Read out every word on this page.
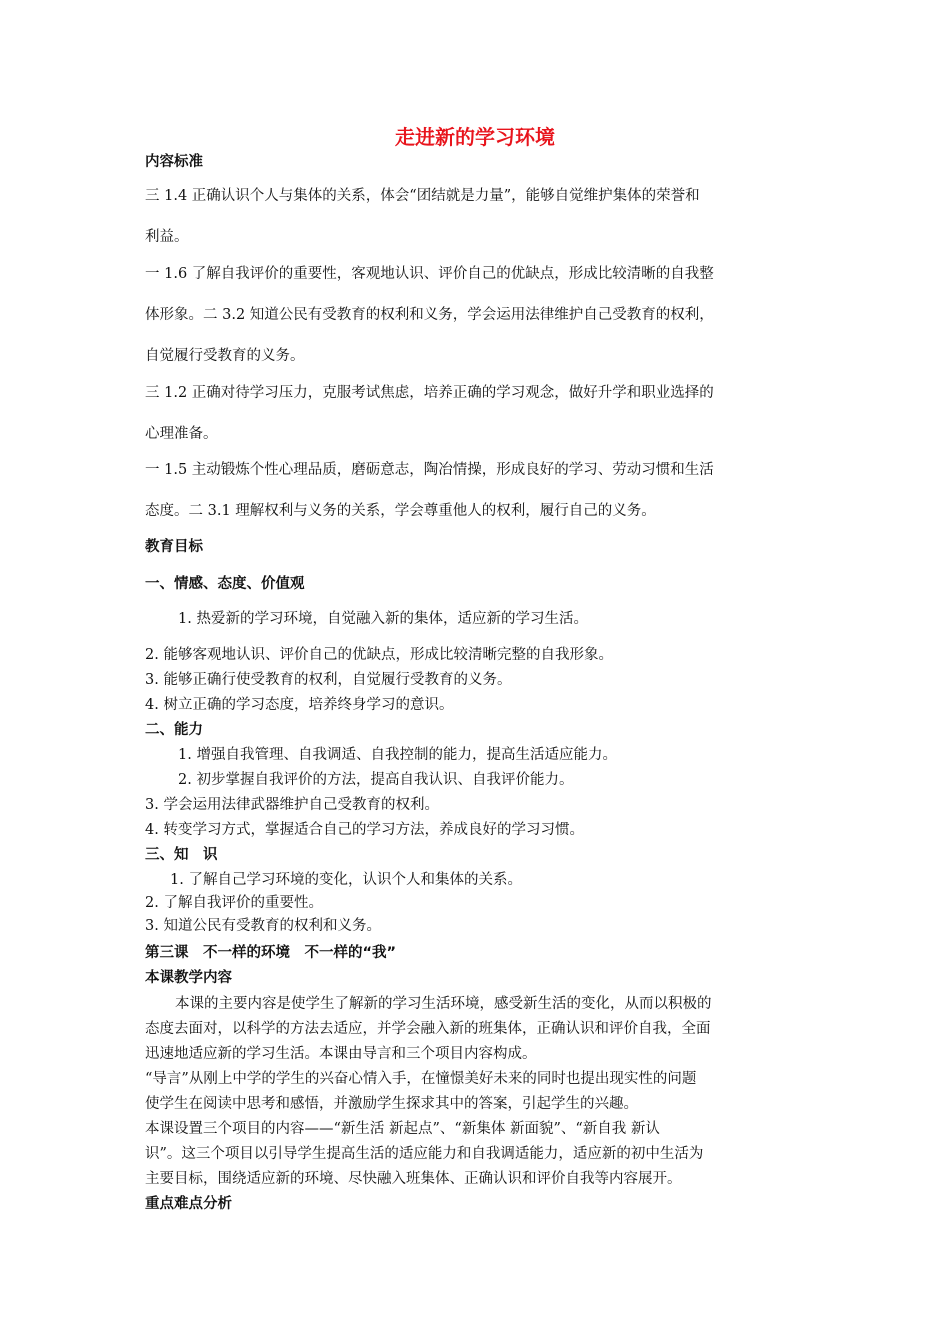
走进新的学习环境
内容标准
三 1.4 正确认识个人与集体的关系，体会“团结就是力量”，能够自觉维护集体的荣誉和
利益。
一 1.6 了解自我评价的重要性，客观地认识、评价自己的优缺点，形成比较清晰的自我整
体形象。二 3.2 知道公民有受教育的权利和义务，学会运用法律维护自己受教育的权利，
自觉履行受教育的义务。
三 1.2 正确对待学习压力，克服考试焦虑，培养正确的学习观念，做好升学和职业选择的
心理准备。
一 1.5 主动锻炼个性心理品质，磨砺意志，陶冶情操，形成良好的学习、劳动习惯和生活
态度。二 3.1 理解权利与义务的关系，学会尊重他人的权利，履行自己的义务。
教育目标
一、情感、态度、价值观

1. 热爱新的学习环境，自觉融入新的集体，适应新的学习生活。

2. 能够客观地认识、评价自己的优缺点，形成比较清晰完整的自我形象。

3. 能够正确行使受教育的权利，自觉履行受教育的义务。

4. 树立正确的学习态度，培养终身学习的意识。

二、能力

1. 增强自我管理、自我调适、自我控制的能力，提高生活适应能力。

2. 初步掌握自我评价的方法，提高自我认识、自我评价能力。

3. 学会运用法律武器维护自己受教育的权利。

4. 转变学习方式，掌握适合自己的学习方法，养成良好的学习习惯。

三、知　识

1. 了解自己学习环境的变化，认识个人和集体的关系。

2. 了解自我评价的重要性。

3. 知道公民有受教育的权利和义务。

第三课　不一样的环境　不一样的“我”
本课教学内容
本课的主要内容是使学生了解新的学习生活环境，感受新生活的变化，从而以积极的
态度去面对，以科学的方法去适应，并学会融入新的班集体，正确认识和评价自我，全面
迅速地适应新的学习生活。本课由导言和三个项目内容构成。
“导言”从刚上中学的学生的兴奋心情入手，在憧憬美好未来的同时也提出现实性的问题
使学生在阅读中思考和感悟，并激励学生探求其中的答案，引起学生的兴趣。
本课设置三个项目的内容——“新生活 新起点”、“新集体 新面貌”、“新自我 新认
识”。这三个项目以引导学生提高生活的适应能力和自我调适能力，适应新的初中生活为
主要目标，围绕适应新的环境、尽快融入班集体、正确认识和评价自我等内容展开。
重点难点分析
